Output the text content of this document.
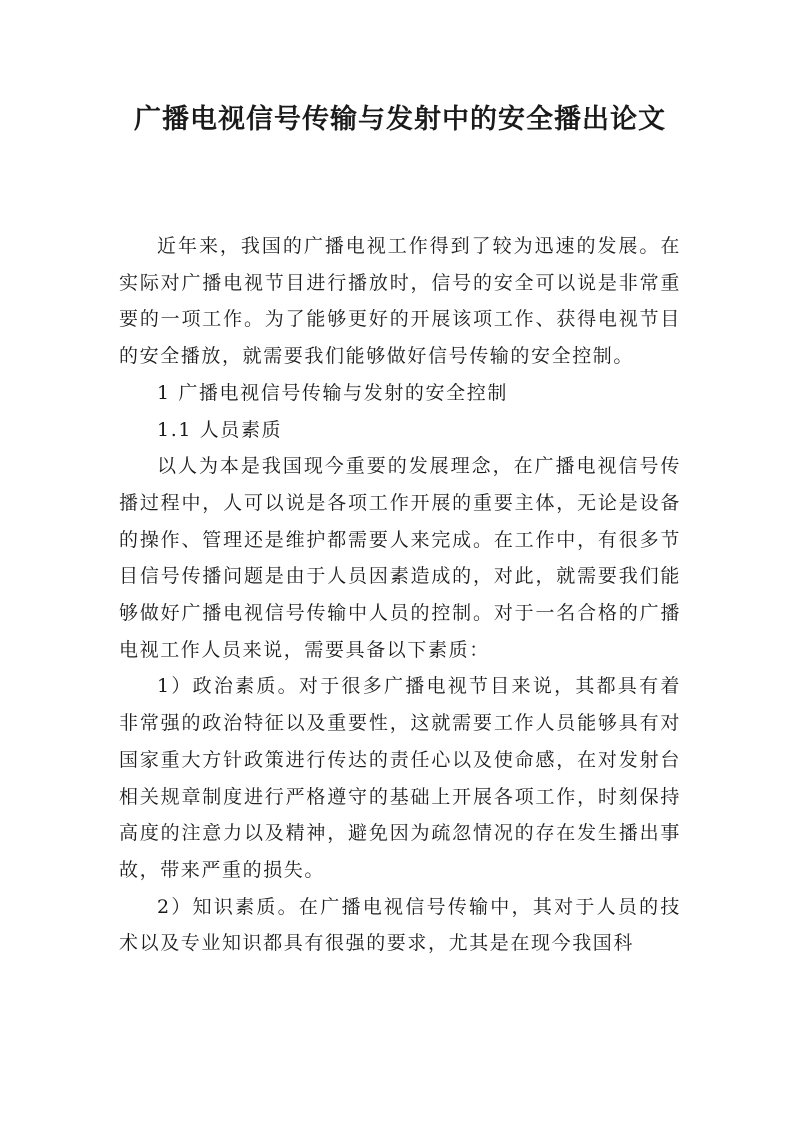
广播电视信号传输与发射中的安全播出论文

近年来，我国的广播电视工作得到了较为迅速的发展。在实际对广播电视节目进行播放时，信号的安全可以说是非常重要的一项工作。为了能够更好的开展该项工作、获得电视节目的安全播放，就需要我们能够做好信号传输的安全控制。

1 广播电视信号传输与发射的安全控制

1.1 人员素质

以人为本是我国现今重要的发展理念，在广播电视信号传播过程中，人可以说是各项工作开展的重要主体，无论是设备的操作、管理还是维护都需要人来完成。在工作中，有很多节目信号传播问题是由于人员因素造成的，对此，就需要我们能够做好广播电视信号传输中人员的控制。对于一名合格的广播电视工作人员来说，需要具备以下素质：

1）政治素质。对于很多广播电视节目来说，其都具有着非常强的政治特征以及重要性，这就需要工作人员能够具有对国家重大方针政策进行传达的责任心以及使命感，在对发射台相关规章制度进行严格遵守的基础上开展各项工作，时刻保持高度的注意力以及精神，避免因为疏忽情况的存在发生播出事故，带来严重的损失。

2）知识素质。在广播电视信号传输中，其对于人员的技术以及专业知识都具有很强的要求，尤其是在现今我国科
